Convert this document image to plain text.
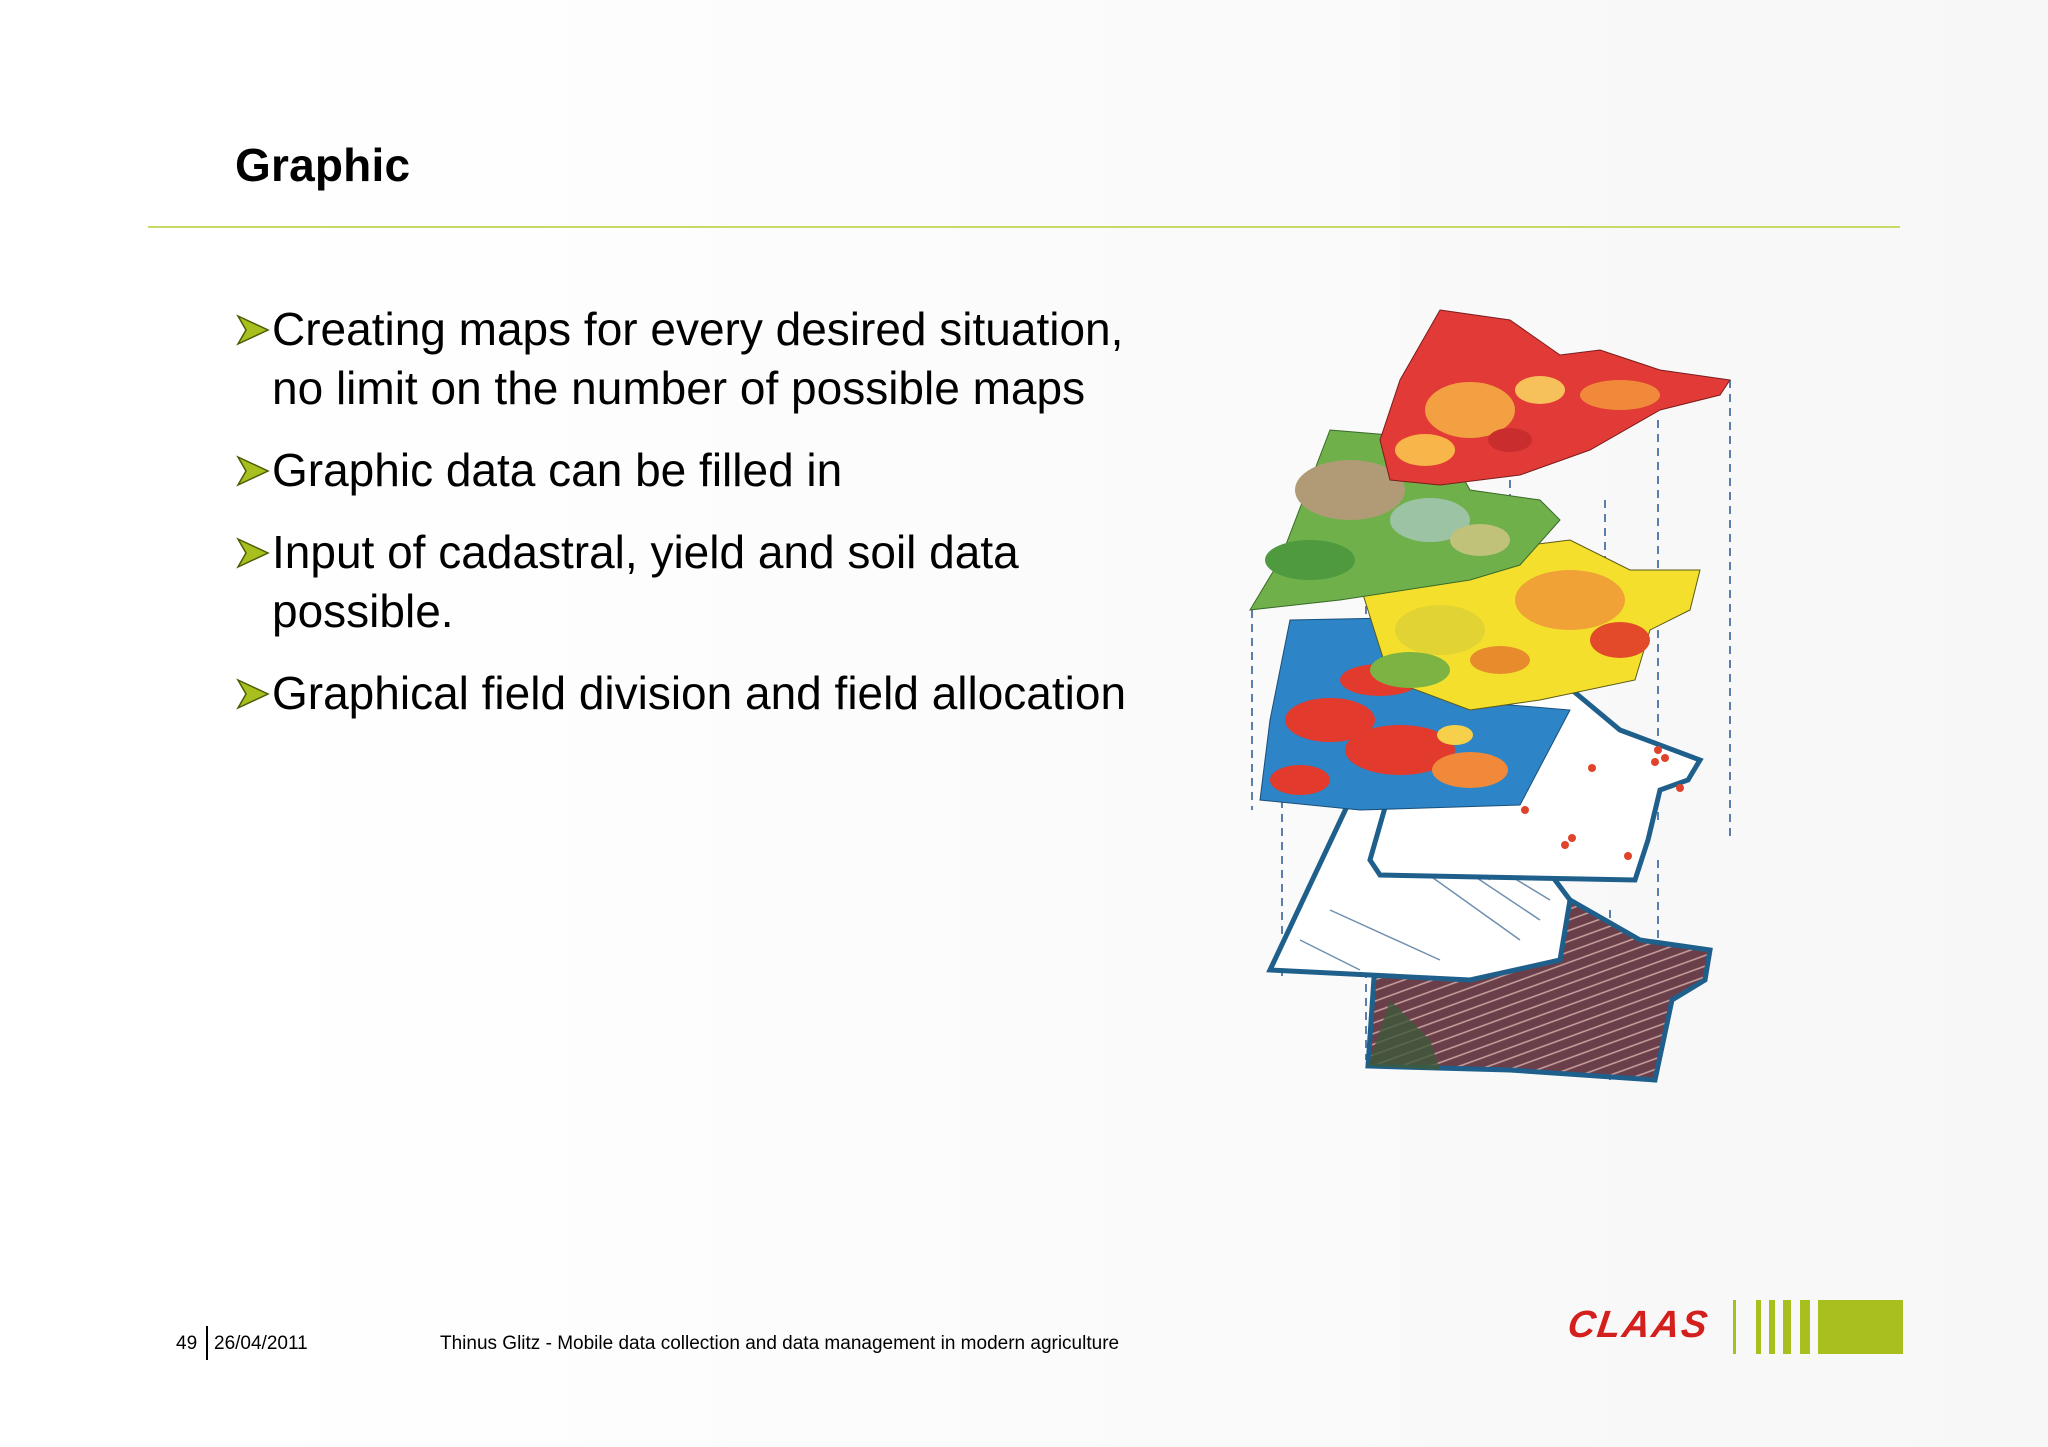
Graphic
Creating maps for every desired situation, no limit on the number of possible maps
Graphic data can be filled in
Input of cadastral, yield and soil data possible.
Graphical field division and field allocation
49 26/04/2011	Thinus Glitz - Mobile data collection and data management in modern agriculture	CLAAS
